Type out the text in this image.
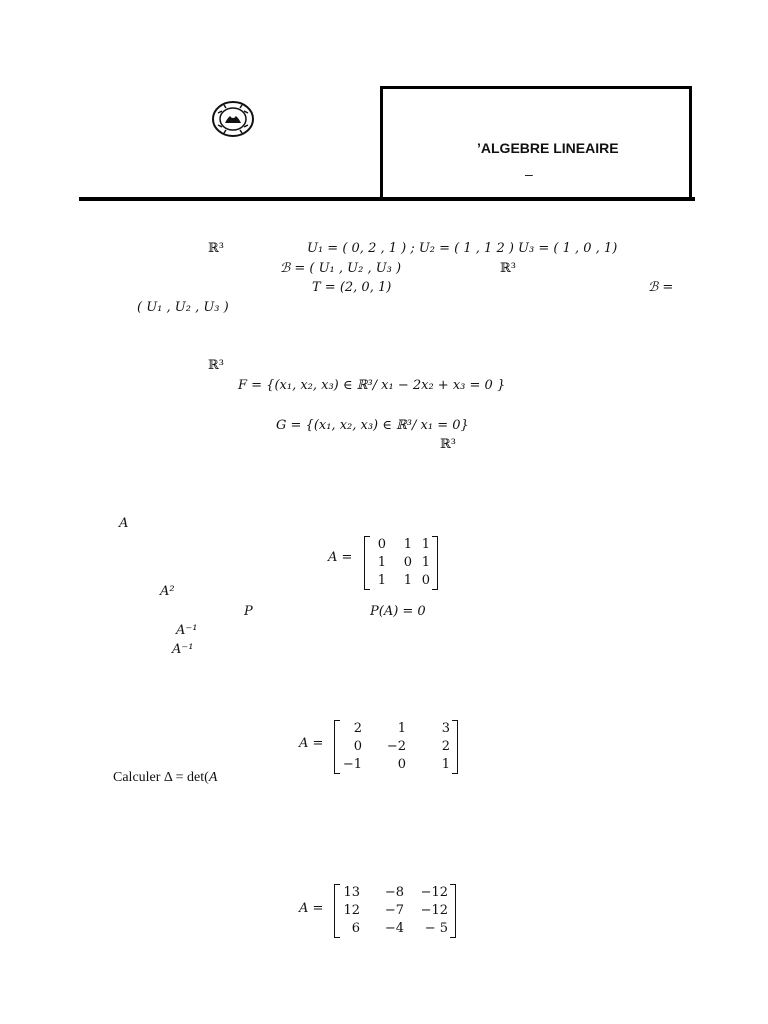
’ALGEBRE LINEAIRE
–
ℝ³	U₁ = ( 0, 2 , 1 ) ; U₂ = ( 1 , 1 2 ) U₃ = ( 1 , 0 , 1)
ℬ = ( U₁ , U₂ , U₃ )	ℝ³
T = (2, 0, 1)	ℬ =
( U₁ , U₂ , U₃ )
ℝ³
F = {(x₁, x₂, x₃) ∈ ℝ³/ x₁ − 2x₂ + x₃ = 0 }
G = {(x₁, x₂, x₃) ∈ ℝ³/ x₁ = 0}
ℝ³
A
A =
0	1 1
1	0 1
1	1 0
A²
P	P(A) = 0
A⁻¹
A⁻¹
A =
2	1	3
0	−2	2
−1	0	1
Calculer Δ = det(A
A =
13	−8	−12
12	−7	−12
6	−4	− 5
